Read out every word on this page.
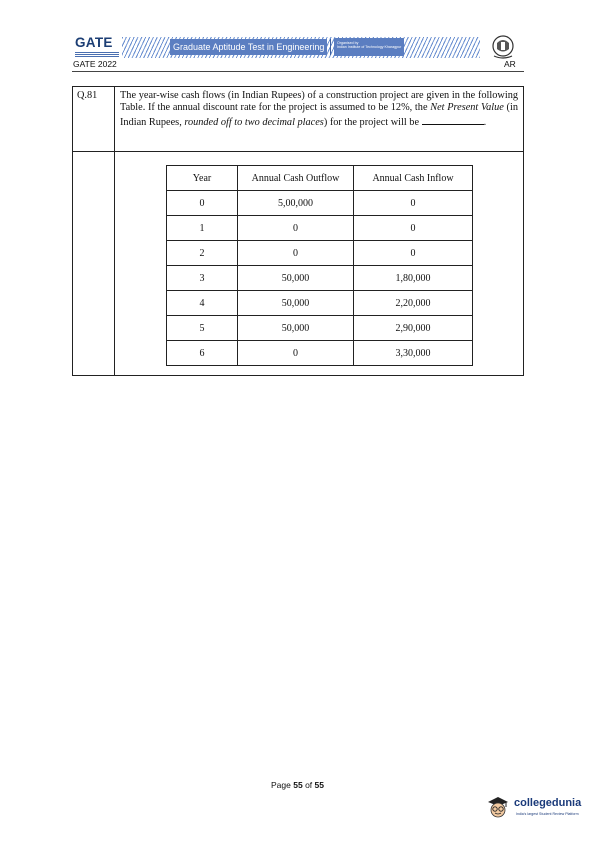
GATE	Graduate Aptitude Test in Engineering	Organised by
Indian Institute of Technology Kharagpur
GATE 2022	AR
Q.81 The year-wise cash flows (in Indian Rupees) of a construction project are given in the following Table. If the annual discount rate for the project is assumed to be 12%, the Net Present Value (in Indian Rupees, rounded off to two decimal places) for the project will be	.
Year	Annual Cash Outflow	Annual Cash Inflow
0	5,00,000	0
1	0	0
2	0	0
3	50,000	1,80,000
4	50,000	2,20,000
5	50,000	2,90,000
6	0	3,30,000
Page 55 of 55
collegedunia
India's largest Student Review Platform
